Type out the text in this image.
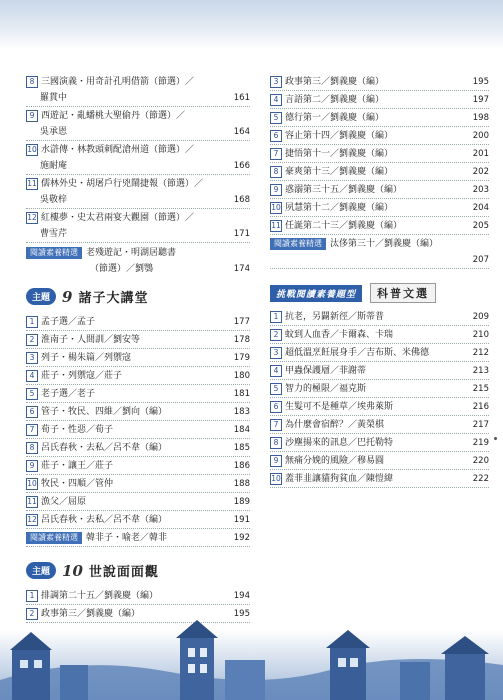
8 三國演義・用奇計孔明借箭（節選）／
羅貫中	161
9 西遊記・亂蟠桃大聖偷丹（節選）／
吳承恩	164
10 水滸傳・林教頭刺配滄州道（節選）／
施耐庵	166
11 儒林外史・胡屠戶行兇鬧捷報（節選）／
吳敬梓	168
12 紅樓夢・史太君兩宴大觀園（節選）／
曹雪芹	171
閱讀素養精選 老殘遊記・明湖居聽書
（節選）／劉鶚	174
主題 9 諸子大講堂
1 孟子選／孟子	177
2 淮南子・人間訓／劉安等	178
3 列子・楊朱篇／列禦寇	179
4 莊子・列禦寇／莊子	180
5 老子選／老子	181
6 管子・牧民、四維／劉向（編）	183
7 荀子・性惡／荀子	184
8 呂氏春秋・去私／呂不韋（編）	185
9 莊子・讓王／莊子	186
10 牧民・四順／管仲	188
11 漁父／屈原	189
12 呂氏春秋・去私／呂不韋（編）	191
閱讀素養精選 韓非子・喻老／韓非	192
主題 10 世說面面觀
1 排調第二十五／劉義慶（編）	194
2 政事第三／劉義慶（編）	195
3 政事第三／劉義慶（編）	195
4 言語第二／劉義慶（編）	197
5 德行第一／劉義慶（編）	198
6 容止第十四／劉義慶（編）	200
7 捷悟第十一／劉義慶（編）	201
8 豪爽第十三／劉義慶（編）	202
9 惑溺第三十五／劉義慶（編）	203
10 夙慧第十二／劉義慶（編）	204
11 任誕第二十三／劉義慶（編）	205
閱讀素養精選 汰侈第三十／劉義慶（編）
207
挑戰閱讀素養題型	科普文選
1 抗老，另闢新徑／斯蒂普	209
2 蚊到人血香／卡爾森、卡瑞	210
3 超低溫烹飪展身手／吉布斯、米佛德	212
4 甲蟲保護層／菲謝蒂	213
5 智力的極限／福克斯	215
6 生髮可不是種草／埃弗萊斯	216
7 為什麼會宿醉？／黃榮棋	217
8 沙塵揚來的訊息／巴托勒特	219
9 無痛分娩的風險／穆易圓	220
10 蓋菲韭讓貓狗貧血／陳愷緯	222
